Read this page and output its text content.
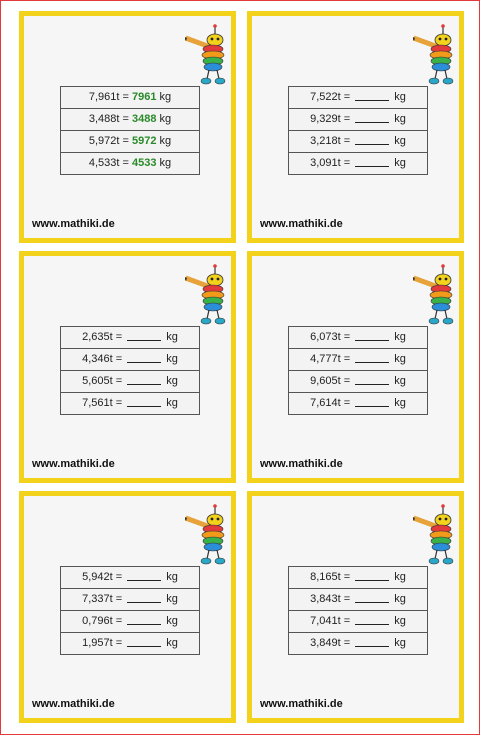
7,961t = 7961 kg
3,488t = 3488 kg
5,972t = 5972 kg
4,533t = 4533 kg
www.mathiki.de
7,522t =	kg
9,329t =	kg
3,218t =	kg
3,091t =	kg
www.mathiki.de
2,635t =	kg
4,346t =	kg
5,605t =	kg
7,561t =	kg
www.mathiki.de
6,073t =	kg
4,777t =	kg
9,605t =	kg
7,614t =	kg
www.mathiki.de
5,942t =	kg
7,337t =	kg
0,796t =	kg
1,957t =	kg
www.mathiki.de
8,165t =	kg
3,843t =	kg
7,041t =	kg
3,849t =	kg
www.mathiki.de
